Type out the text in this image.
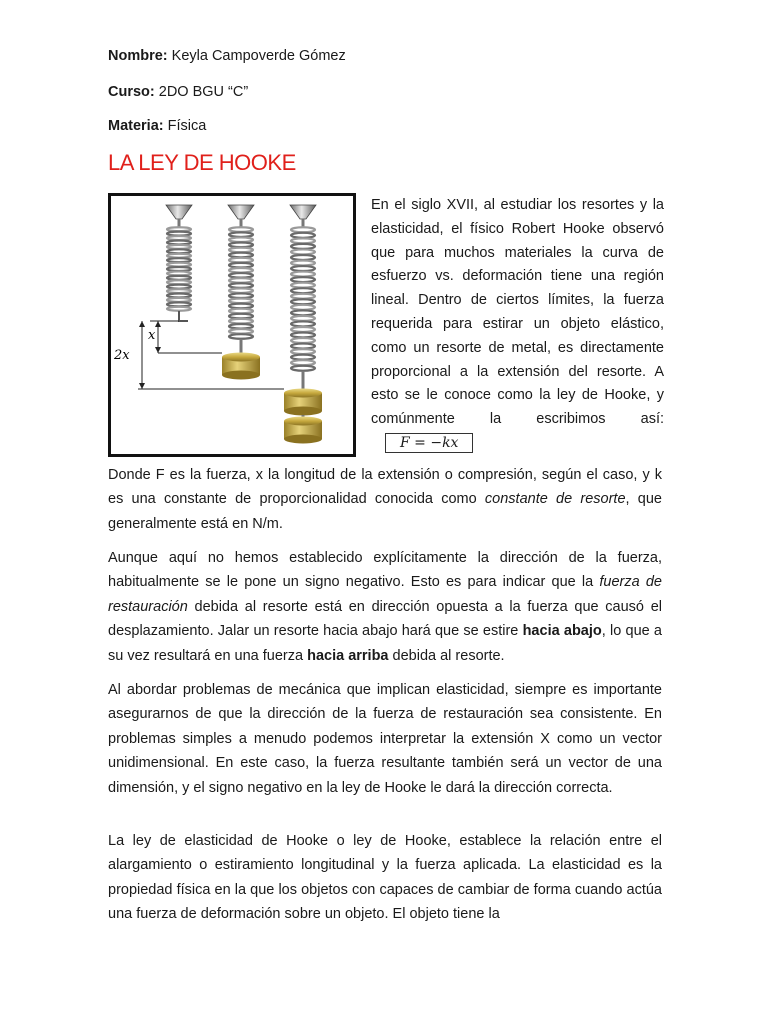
Nombre: Keyla Campoverde Gómez
Curso: 2DO BGU “C”
Materia: Física
LA LEY DE HOOKE
x
2x
En el siglo XVII, al estudiar los resortes y la elasticidad, el físico Robert Hooke observó que para muchos materiales la curva de esfuerzo vs. deformación tiene una región lineal. Dentro de ciertos límites, la fuerza requerida para estirar un objeto elástico, como un resorte de metal, es directamente proporcional a la extensión del resorte. A esto se le conoce como la ley de Hooke, y comúnmente la escribimos así: F = −kx
Donde F es la fuerza, x la longitud de la extensión o compresión, según el caso, y k es una constante de proporcionalidad conocida como constante de resorte, que generalmente está en N/m.
Aunque aquí no hemos establecido explícitamente la dirección de la fuerza, habitualmente se le pone un signo negativo. Esto es para indicar que la fuerza de restauración debida al resorte está en dirección opuesta a la fuerza que causó el desplazamiento. Jalar un resorte hacia abajo hará que se estire hacia abajo, lo que a su vez resultará en una fuerza hacia arriba debida al resorte.
Al abordar problemas de mecánica que implican elasticidad, siempre es importante asegurarnos de que la dirección de la fuerza de restauración sea consistente. En problemas simples a menudo podemos interpretar la extensión X como un vector unidimensional. En este caso, la fuerza resultante también será un vector de una dimensión, y el signo negativo en la ley de Hooke le dará la dirección correcta.
La ley de elasticidad de Hooke o ley de Hooke, establece la relación entre el alargamiento o estiramiento longitudinal y la fuerza aplicada. La elasticidad es la propiedad física en la que los objetos con capaces de cambiar de forma cuando actúa una fuerza de deformación sobre un objeto. El objeto tiene la
